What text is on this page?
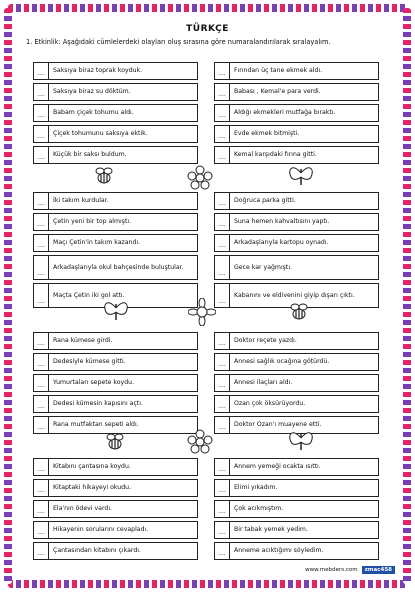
TÜRKÇE
1. Etkinlik: Aşağıdaki cümlelerdeki olayları oluş sırasına göre numaralandırılarak sıralayalım.
....	Saksıya biraz toprak koyduk.
....	Saksıya biraz su döktüm.
....	Babam çiçek tohumu aldı.
....	Çiçek tohumunu saksıya ektik.
....	Küçük bir saksı buldum.
....	Fırından üç tane ekmek aldı.
....	Babası , Kemal'e para verdi.
....	Aldığı ekmekleri mutfağa bıraktı.
....	Evde ekmek bitmişti.
....	Kemal karşıdaki fırına gitti.
....	İki takım kurdular.
....	Çetin yeni bir top almıştı.
....	Maçı Çetin'in takım kazandı.
....
Arkadaşlarıyla okul bahçesinde buluştular.
....
Maçta Çetin iki gol attı.
....	Doğruca parka gitti.
....	Suna hemen kahvaltısını yaptı.
....	Arkadaşlarıyla kartopu oynadı.
....
Gece kar yağmıştı.
....
Kabanını ve eldivenini giyip dışarı çıktı.
....	Rana kümese girdi.
....	Dedesiyle kümese gitti.
....	Yumurtaları sepete koydu.
....	Dedesi kümesin kapısını açtı.
....	Rana mutfaktan sepeti aldı.
....	Doktor reçete yazdı.
....	Annesi sağlık ocağına götürdü.
....	Annesi ilaçları aldı.
....	Ozan çok öksürüyordu.
....	Doktor Ozan'ı muayene etti.
....	Kitabını çantasına koydu.
....	Kitaptaki hikayeyi okudu.
....	Ela'nın ödevi vardı.
....	Hikayenin sorularını cevapladı.
....	Çantasından kitabını çıkardı.
....	Annem yemeği ocakta ısıttı.
....	Elimi yıkadım.
....	Çok acıkmıştım.
....	Bir tabak yemek yedim.
....	Anneme acıktığımı söyledim.
www.mebders.com	zmac458
